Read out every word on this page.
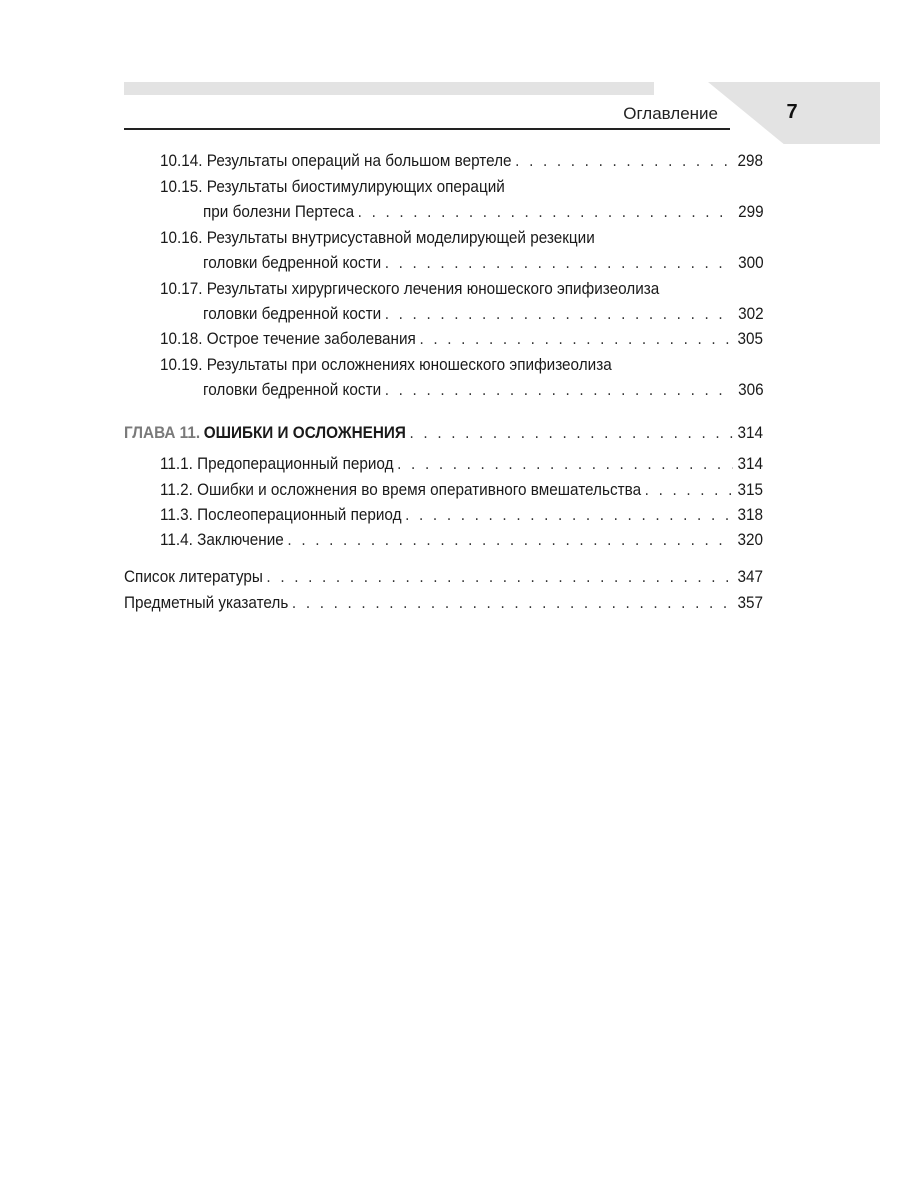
Оглавление	7
10.14. Результаты операций на большом вертеле . . .	298
10.15. Результаты биостимулирующих операций
при болезни Пертеса . . .	299
10.16. Результаты внутрисуставной моделирующей резекции
головки бедренной кости . . .	300
10.17. Результаты хирургического лечения юношеского эпифизеолиза
головки бедренной кости . . .	302
10.18. Острое течение заболевания . . .	305
10.19. Результаты при осложнениях юношеского эпифизеолиза
головки бедренной кости . . .	306
ГЛАВА 11. ОШИБКИ И ОСЛОЖНЕНИЯ . . .	314
11.1. Предоперационный период . . .	314
11.2. Ошибки и осложнения во время оперативного вмешательства . . .	315
11.3. Послеоперационный период . . .	318
11.4. Заключение . . .	320
Список литературы . . .	347
Предметный указатель . . .	357
